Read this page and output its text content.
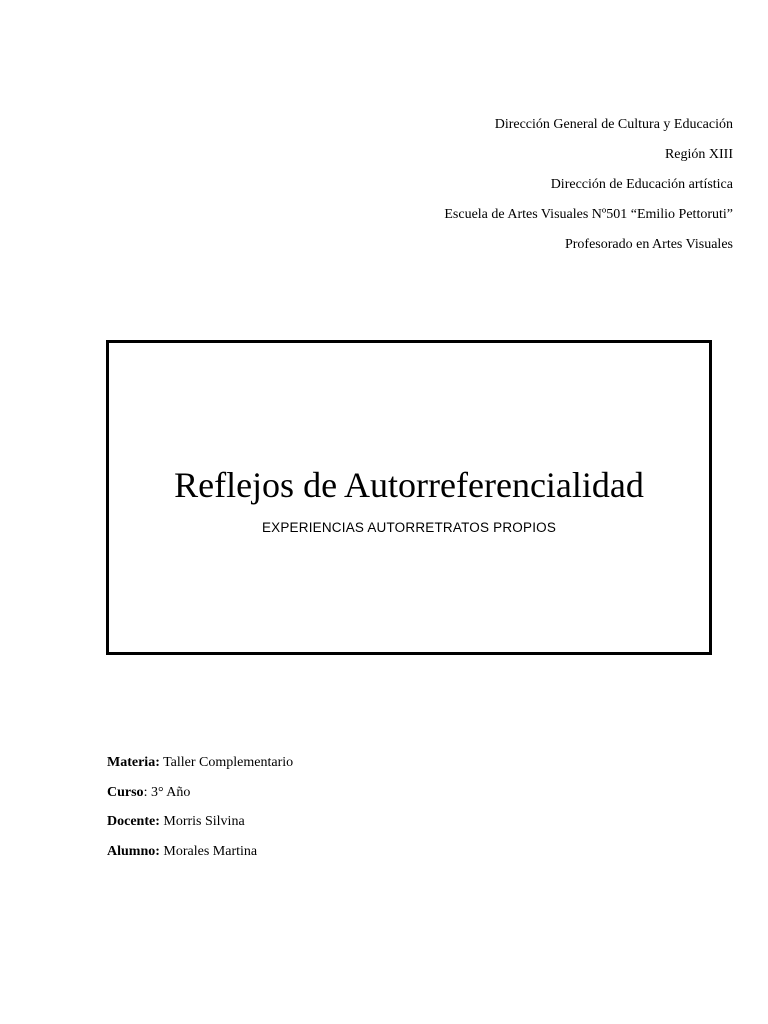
Dirección General de Cultura y Educación
Región XIII
Dirección de Educación artística
Escuela de Artes Visuales Nº501 “Emilio Pettoruti”
Profesorado en Artes Visuales
Reflejos de Autorreferencialidad
EXPERIENCIAS AUTORRETRATOS PROPIOS
Materia: Taller Complementario
Curso: 3° Año
Docente: Morris Silvina
Alumno: Morales Martina
